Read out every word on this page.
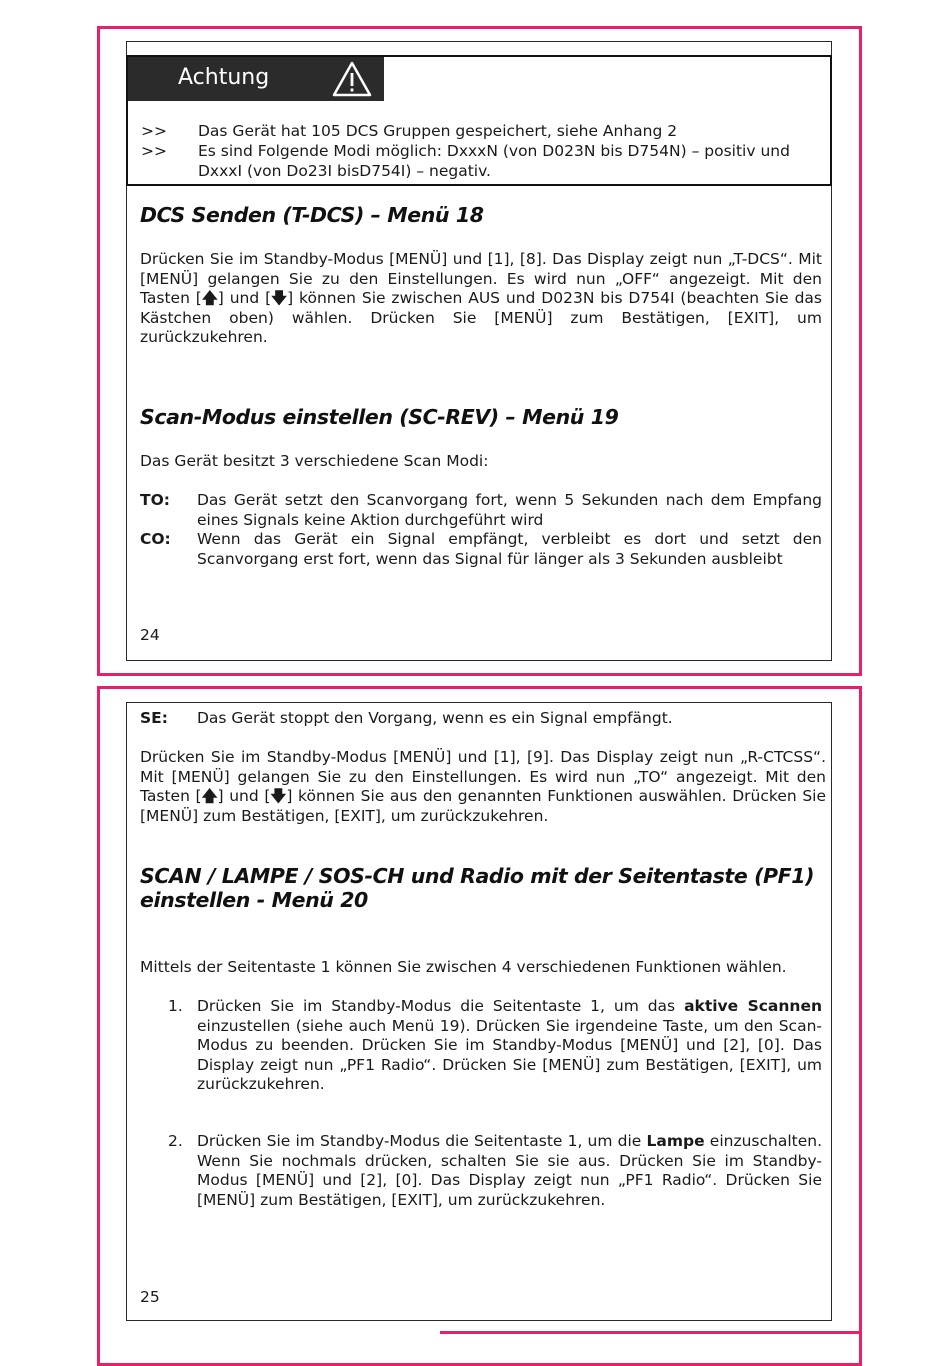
Achtung
>> Das Gerät hat 105 DCS Gruppen gespeichert, siehe Anhang 2
>> Es sind Folgende Modi möglich: DxxxN (von D023N bis D754N) – positiv und
DxxxI (von Do23I bisD754I) – negativ.
DCS Senden (T-DCS) – Menü 18

Drücken Sie im Standby-Modus [MENÜ] und [1], [8]. Das Display zeigt nun „T-DCS“. Mit [MENÜ] gelangen Sie zu den Einstellungen. Es wird nun „OFF“ angezeigt. Mit den Tasten [🡅] und [🡇] können Sie zwischen AUS und D023N bis D754I (beachten Sie das Kästchen oben) wählen. Drücken Sie [MENÜ] zum Bestätigen, [EXIT], um zurückzukehren.

Scan-Modus einstellen (SC-REV) – Menü 19

Das Gerät besitzt 3 verschiedene Scan Modi:

TO: Das Gerät setzt den Scanvorgang fort, wenn 5 Sekunden nach dem Empfang eines Signals keine Aktion durchgeführt wird
CO: Wenn das Gerät ein Signal empfängt, verbleibt es dort und setzt den Scanvorgang erst fort, wenn das Signal für länger als 3 Sekunden ausbleibt
24
SE: Das Gerät stoppt den Vorgang, wenn es ein Signal empfängt.

Drücken Sie im Standby-Modus [MENÜ] und [1], [9]. Das Display zeigt nun „R-CTCSS“. Mit [MENÜ] gelangen Sie zu den Einstellungen. Es wird nun „TO“ angezeigt. Mit den Tasten [🡅] und [🡇] können Sie aus den genannten Funktionen auswählen. Drücken Sie [MENÜ] zum Bestätigen, [EXIT], um zurückzukehren.

SCAN / LAMPE / SOS-CH und Radio mit der Seitentaste (PF1)
einstellen - Menü 20

Mittels der Seitentaste 1 können Sie zwischen 4 verschiedenen Funktionen wählen.

1. Drücken Sie im Standby-Modus die Seitentaste 1, um das aktive Scannen einzustellen (siehe auch Menü 19). Drücken Sie irgendeine Taste, um den Scan-Modus zu beenden. Drücken Sie im Standby-Modus [MENÜ] und [2], [0]. Das Display zeigt nun „PF1 Radio“. Drücken Sie [MENÜ] zum Bestätigen, [EXIT], um zurückzukehren.

2. Drücken Sie im Standby-Modus die Seitentaste 1, um die Lampe einzuschalten. Wenn Sie nochmals drücken, schalten Sie sie aus. Drücken Sie im Standby-Modus [MENÜ] und [2], [0]. Das Display zeigt nun „PF1 Radio“. Drücken Sie [MENÜ] zum Bestätigen, [EXIT], um zurückzukehren.

25
